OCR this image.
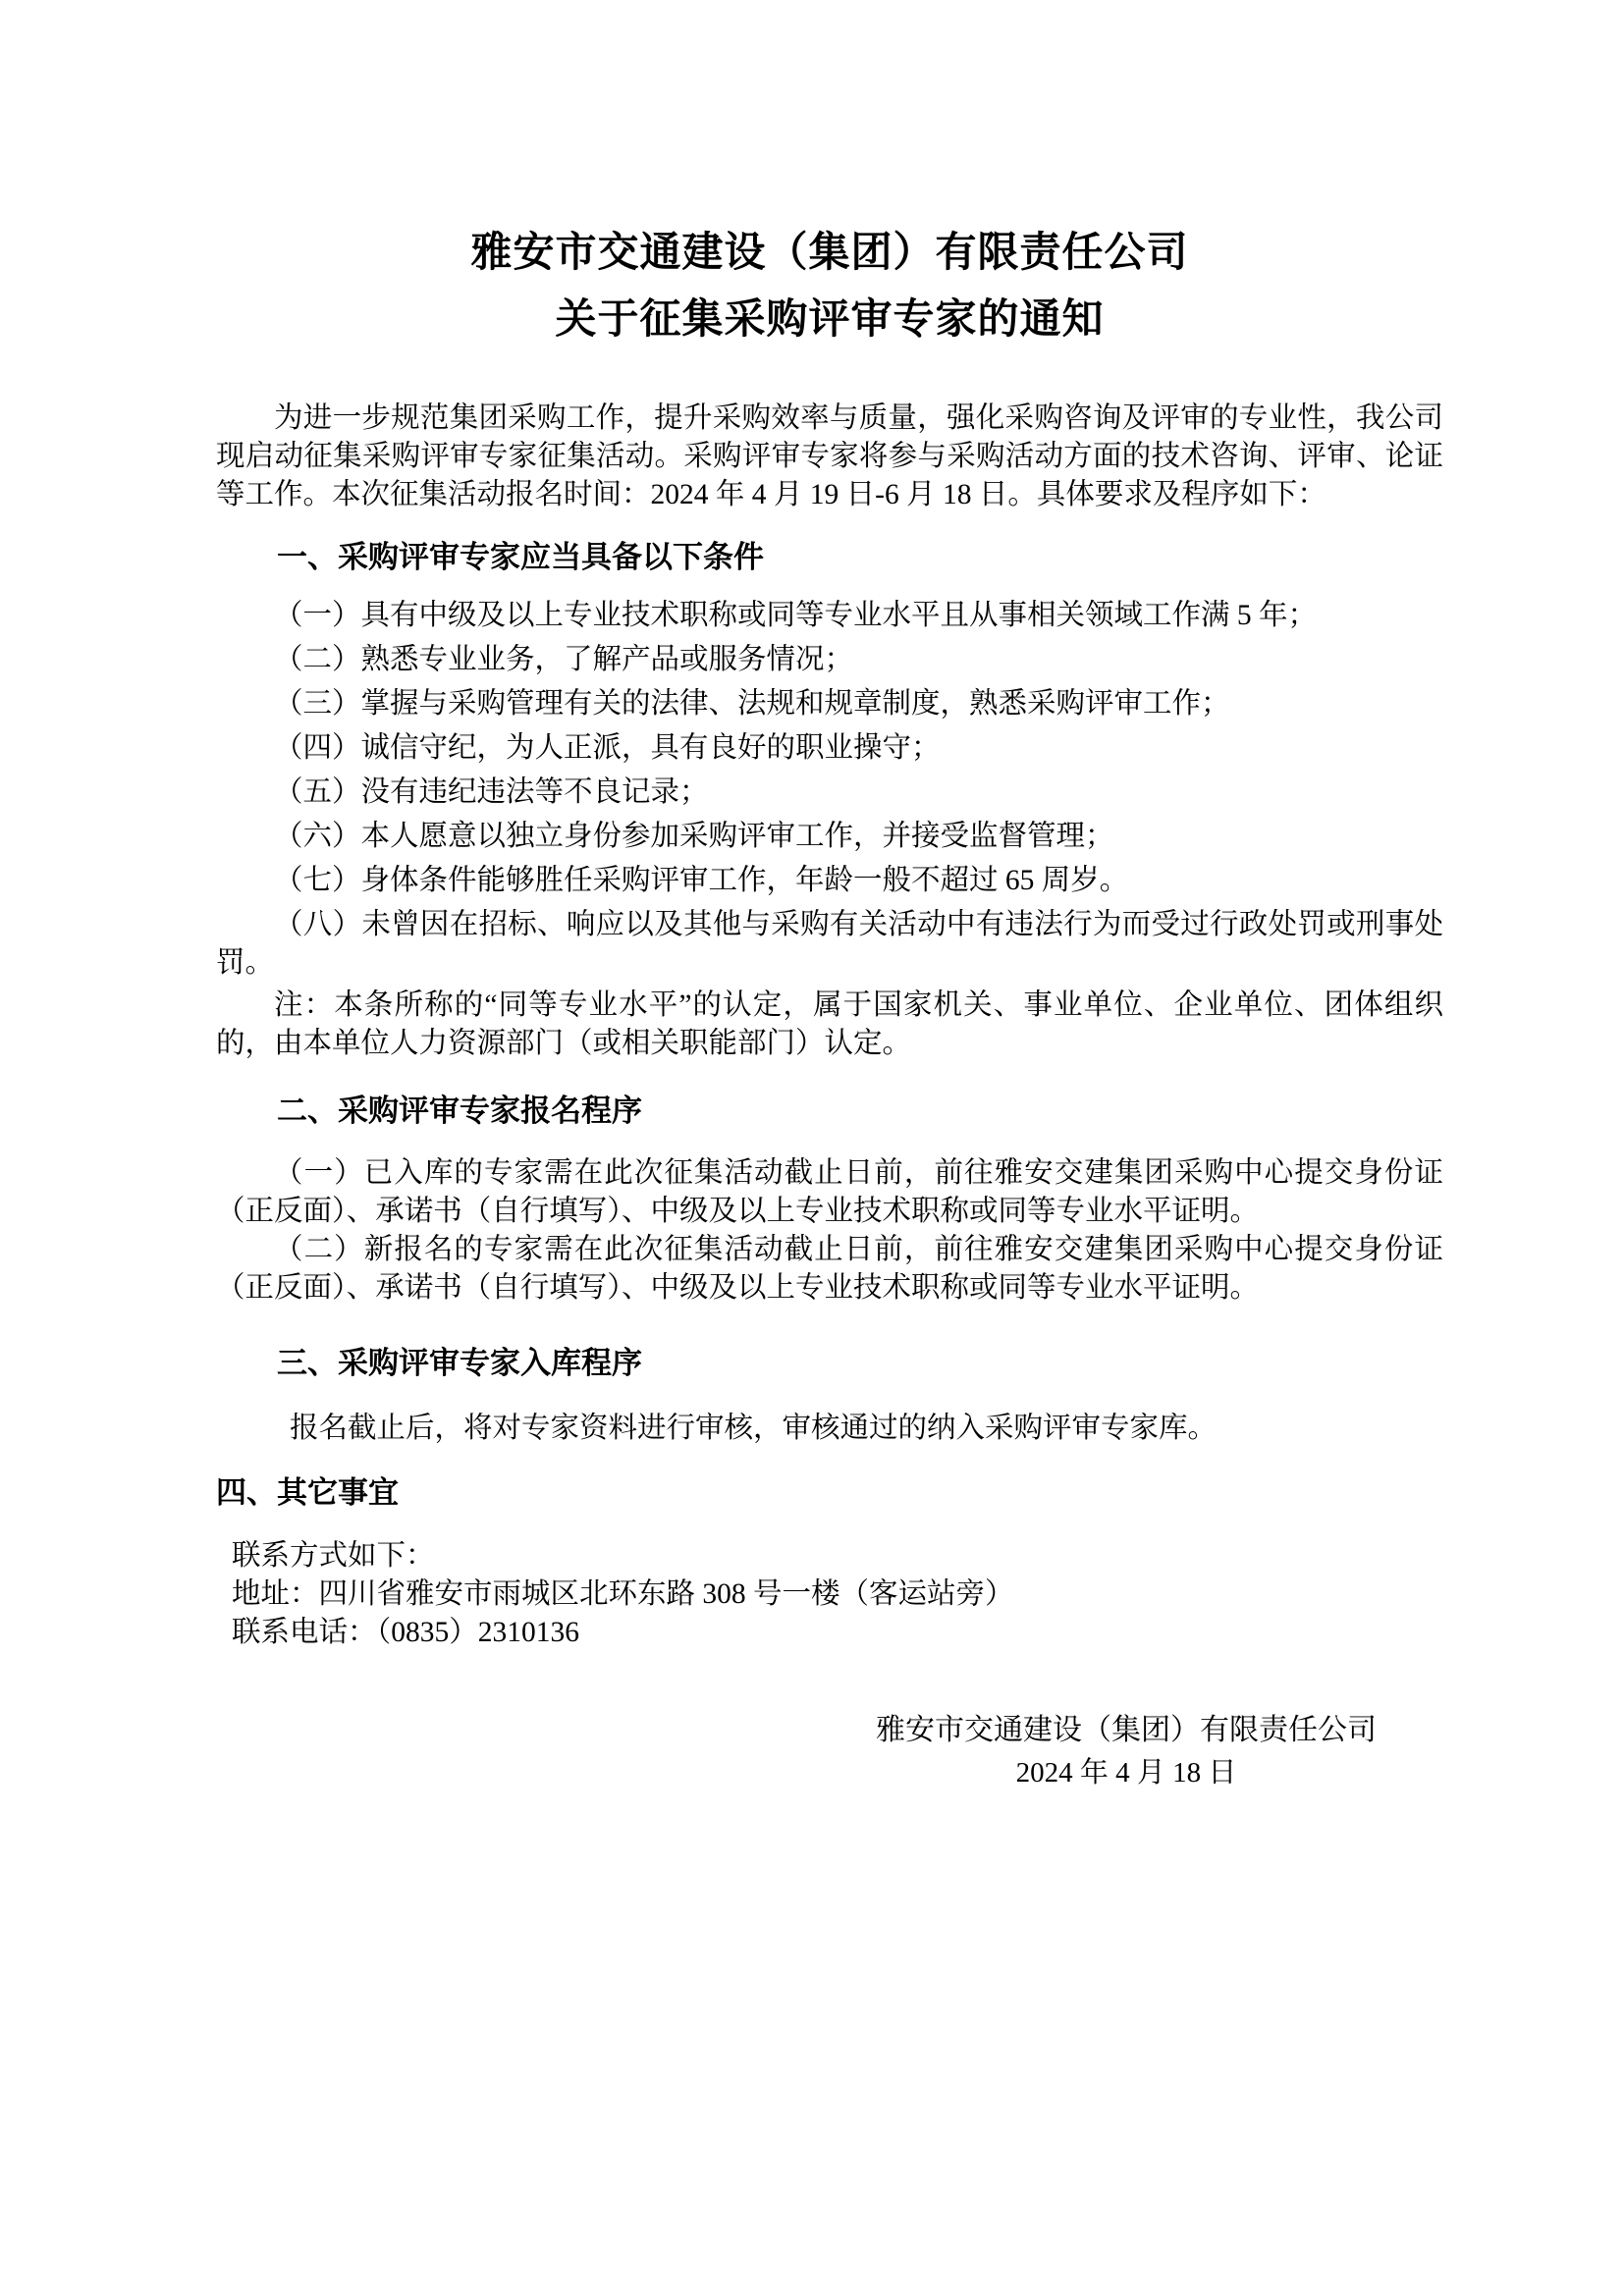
雅安市交通建设（集团）有限责任公司
关于征集采购评审专家的通知

为进一步规范集团采购工作，提升采购效率与质量，强化采购咨询及评审的专业性，我公司现启动征集采购评审专家征集活动。采购评审专家将参与采购活动方面的技术咨询、评审、论证等工作。本次征集活动报名时间：2024 年 4 月 19 日-6 月 18 日。具体要求及程序如下：

一、采购评审专家应当具备以下条件

（一）具有中级及以上专业技术职称或同等专业水平且从事相关领域工作满 5 年；

（二）熟悉专业业务，了解产品或服务情况；

（三）掌握与采购管理有关的法律、法规和规章制度，熟悉采购评审工作；

（四）诚信守纪，为人正派，具有良好的职业操守；

（五）没有违纪违法等不良记录；

（六）本人愿意以独立身份参加采购评审工作，并接受监督管理；

（七）身体条件能够胜任采购评审工作，年龄一般不超过 65 周岁。

（八）未曾因在招标、响应以及其他与采购有关活动中有违法行为而受过行政处罚或刑事处罚。

注：本条所称的“同等专业水平”的认定，属于国家机关、事业单位、企业单位、团体组织的，由本单位人力资源部门（或相关职能部门）认定。

二、采购评审专家报名程序

（一）已入库的专家需在此次征集活动截止日前，前往雅安交建集团采购中心提交身份证（正反面）、承诺书（自行填写）、中级及以上专业技术职称或同等专业水平证明。

（二）新报名的专家需在此次征集活动截止日前，前往雅安交建集团采购中心提交身份证（正反面）、承诺书（自行填写）、中级及以上专业技术职称或同等专业水平证明。

三、采购评审专家入库程序

报名截止后，将对专家资料进行审核，审核通过的纳入采购评审专家库。

四、其它事宜

联系方式如下：

地址：四川省雅安市雨城区北环东路 308 号一楼（客运站旁）

联系电话：（0835）2310136

雅安市交通建设（集团）有限责任公司

2024 年 4 月 18 日
